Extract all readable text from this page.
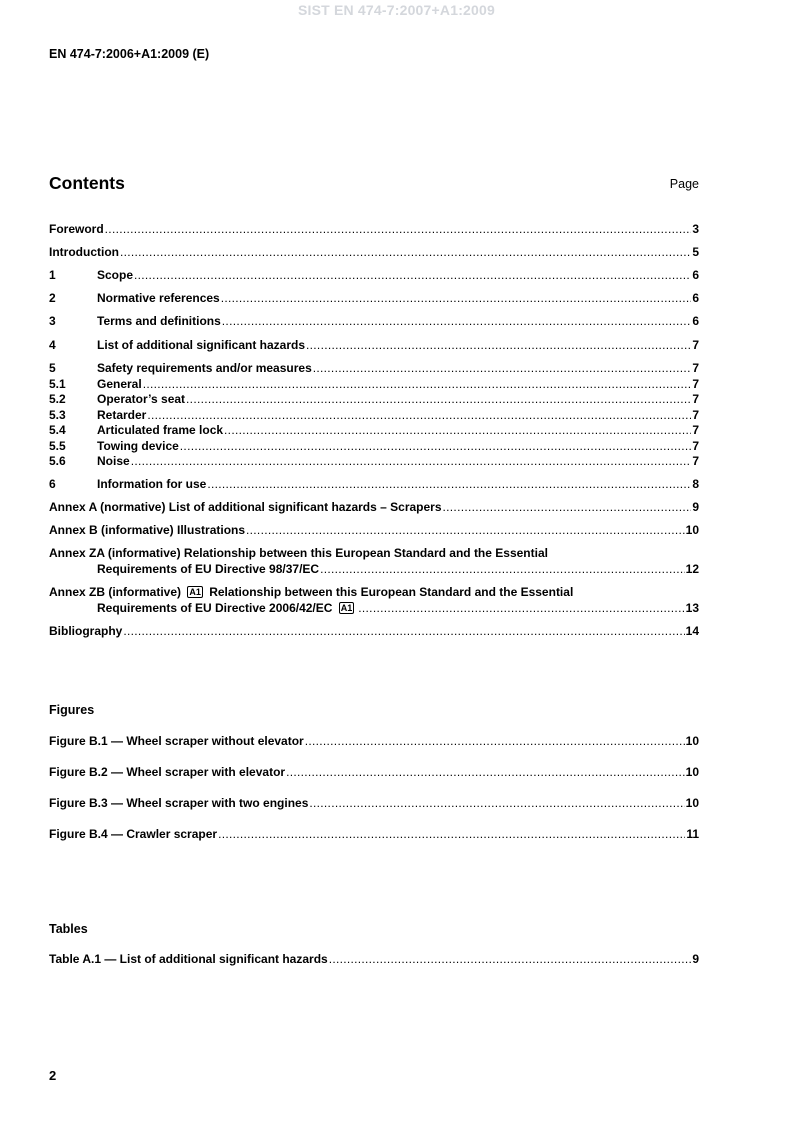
SIST EN 474-7:2007+A1:2009
EN 474-7:2006+A1:2009 (E)
Contents	Page
Foreword .....	3
Introduction .....	5
1	Scope .....	6
2	Normative references .....	6
3	Terms and definitions .....	6
4	List of additional significant hazards .....	7
5	Safety requirements and/or measures .....	7
5.1	General .....	7
5.2	Operator’s seat .....	7
5.3	Retarder .....	7
5.4	Articulated frame lock .....	7
5.5	Towing device .....	7
5.6	Noise .....	7
6	Information for use .....	8
Annex A (normative) List of additional significant hazards – Scrapers .....	9
Annex B (informative) Illustrations .....	10
Annex ZA (informative) Relationship between this European Standard and the Essential
Requirements of EU Directive 98/37/EC .....	12
Annex ZB (informative) A1 Relationship between this European Standard and the Essential
Requirements of EU Directive 2006/42/EC A1 .....	13
Bibliography .....	14
Figures
Figure B.1 — Wheel scraper without elevator .....	10
Figure B.2 — Wheel scraper with elevator .....	10
Figure B.3 — Wheel scraper with two engines .....	10
Figure B.4 — Crawler scraper .....	11
Tables
Table A.1 — List of additional significant hazards .....	9
2
